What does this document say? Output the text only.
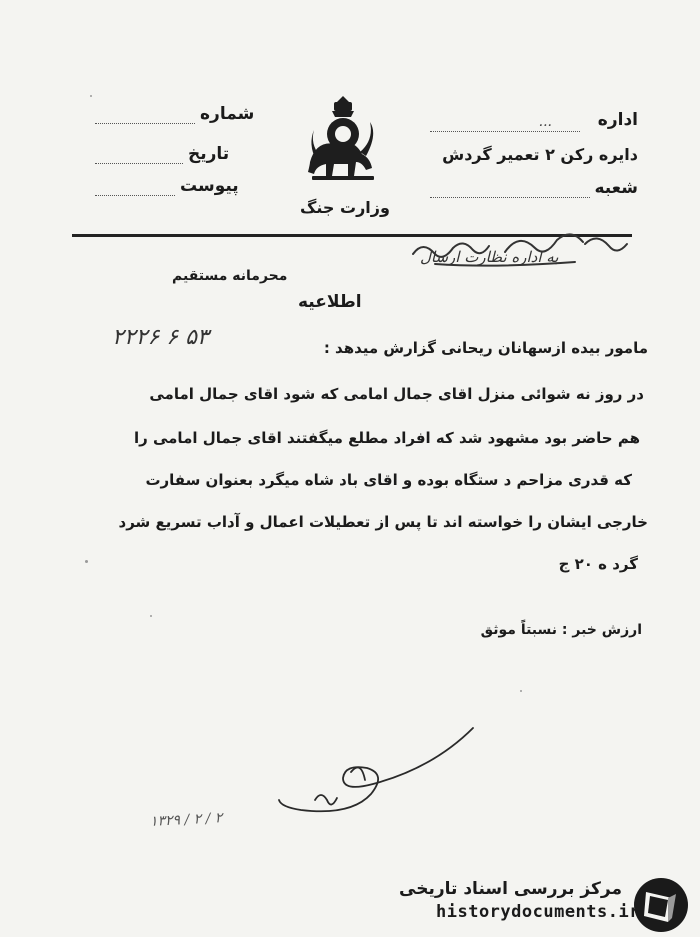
اداره
...
دایره رکن ۲ تعمیر گردش
شعبه
شماره
تاریخ
پیوست
وزارت جنگ
به اداره نظارت ارسال
محرمانه مستقیم
اطلاعیه
۲۲۲۶ ۶ ۵۳	مامور بیده ازسهانان ریحانی گزارش میدهد :
در روز نه شوائی منزل اقای جمال امامی که شود اقای جمال امامی
هم حاضر بود مشهود شد که افراد مطلع میگفتند اقای جمال امامی را
که قدری مزاحم د ستگاه بوده و اقای باد شاه میگرد بعنوان سفارت
خارجی ایشان را خواسته اند تا پس از تعطیلات اعمال و آداب تسریع شرد
گرد ه ۲۰ ج
ارزش خبر : نسبتاً موثق
۱۳۲۹ / ۲ / ۲
مرکز بررسی اسناد تاریخی
historydocuments.ir
